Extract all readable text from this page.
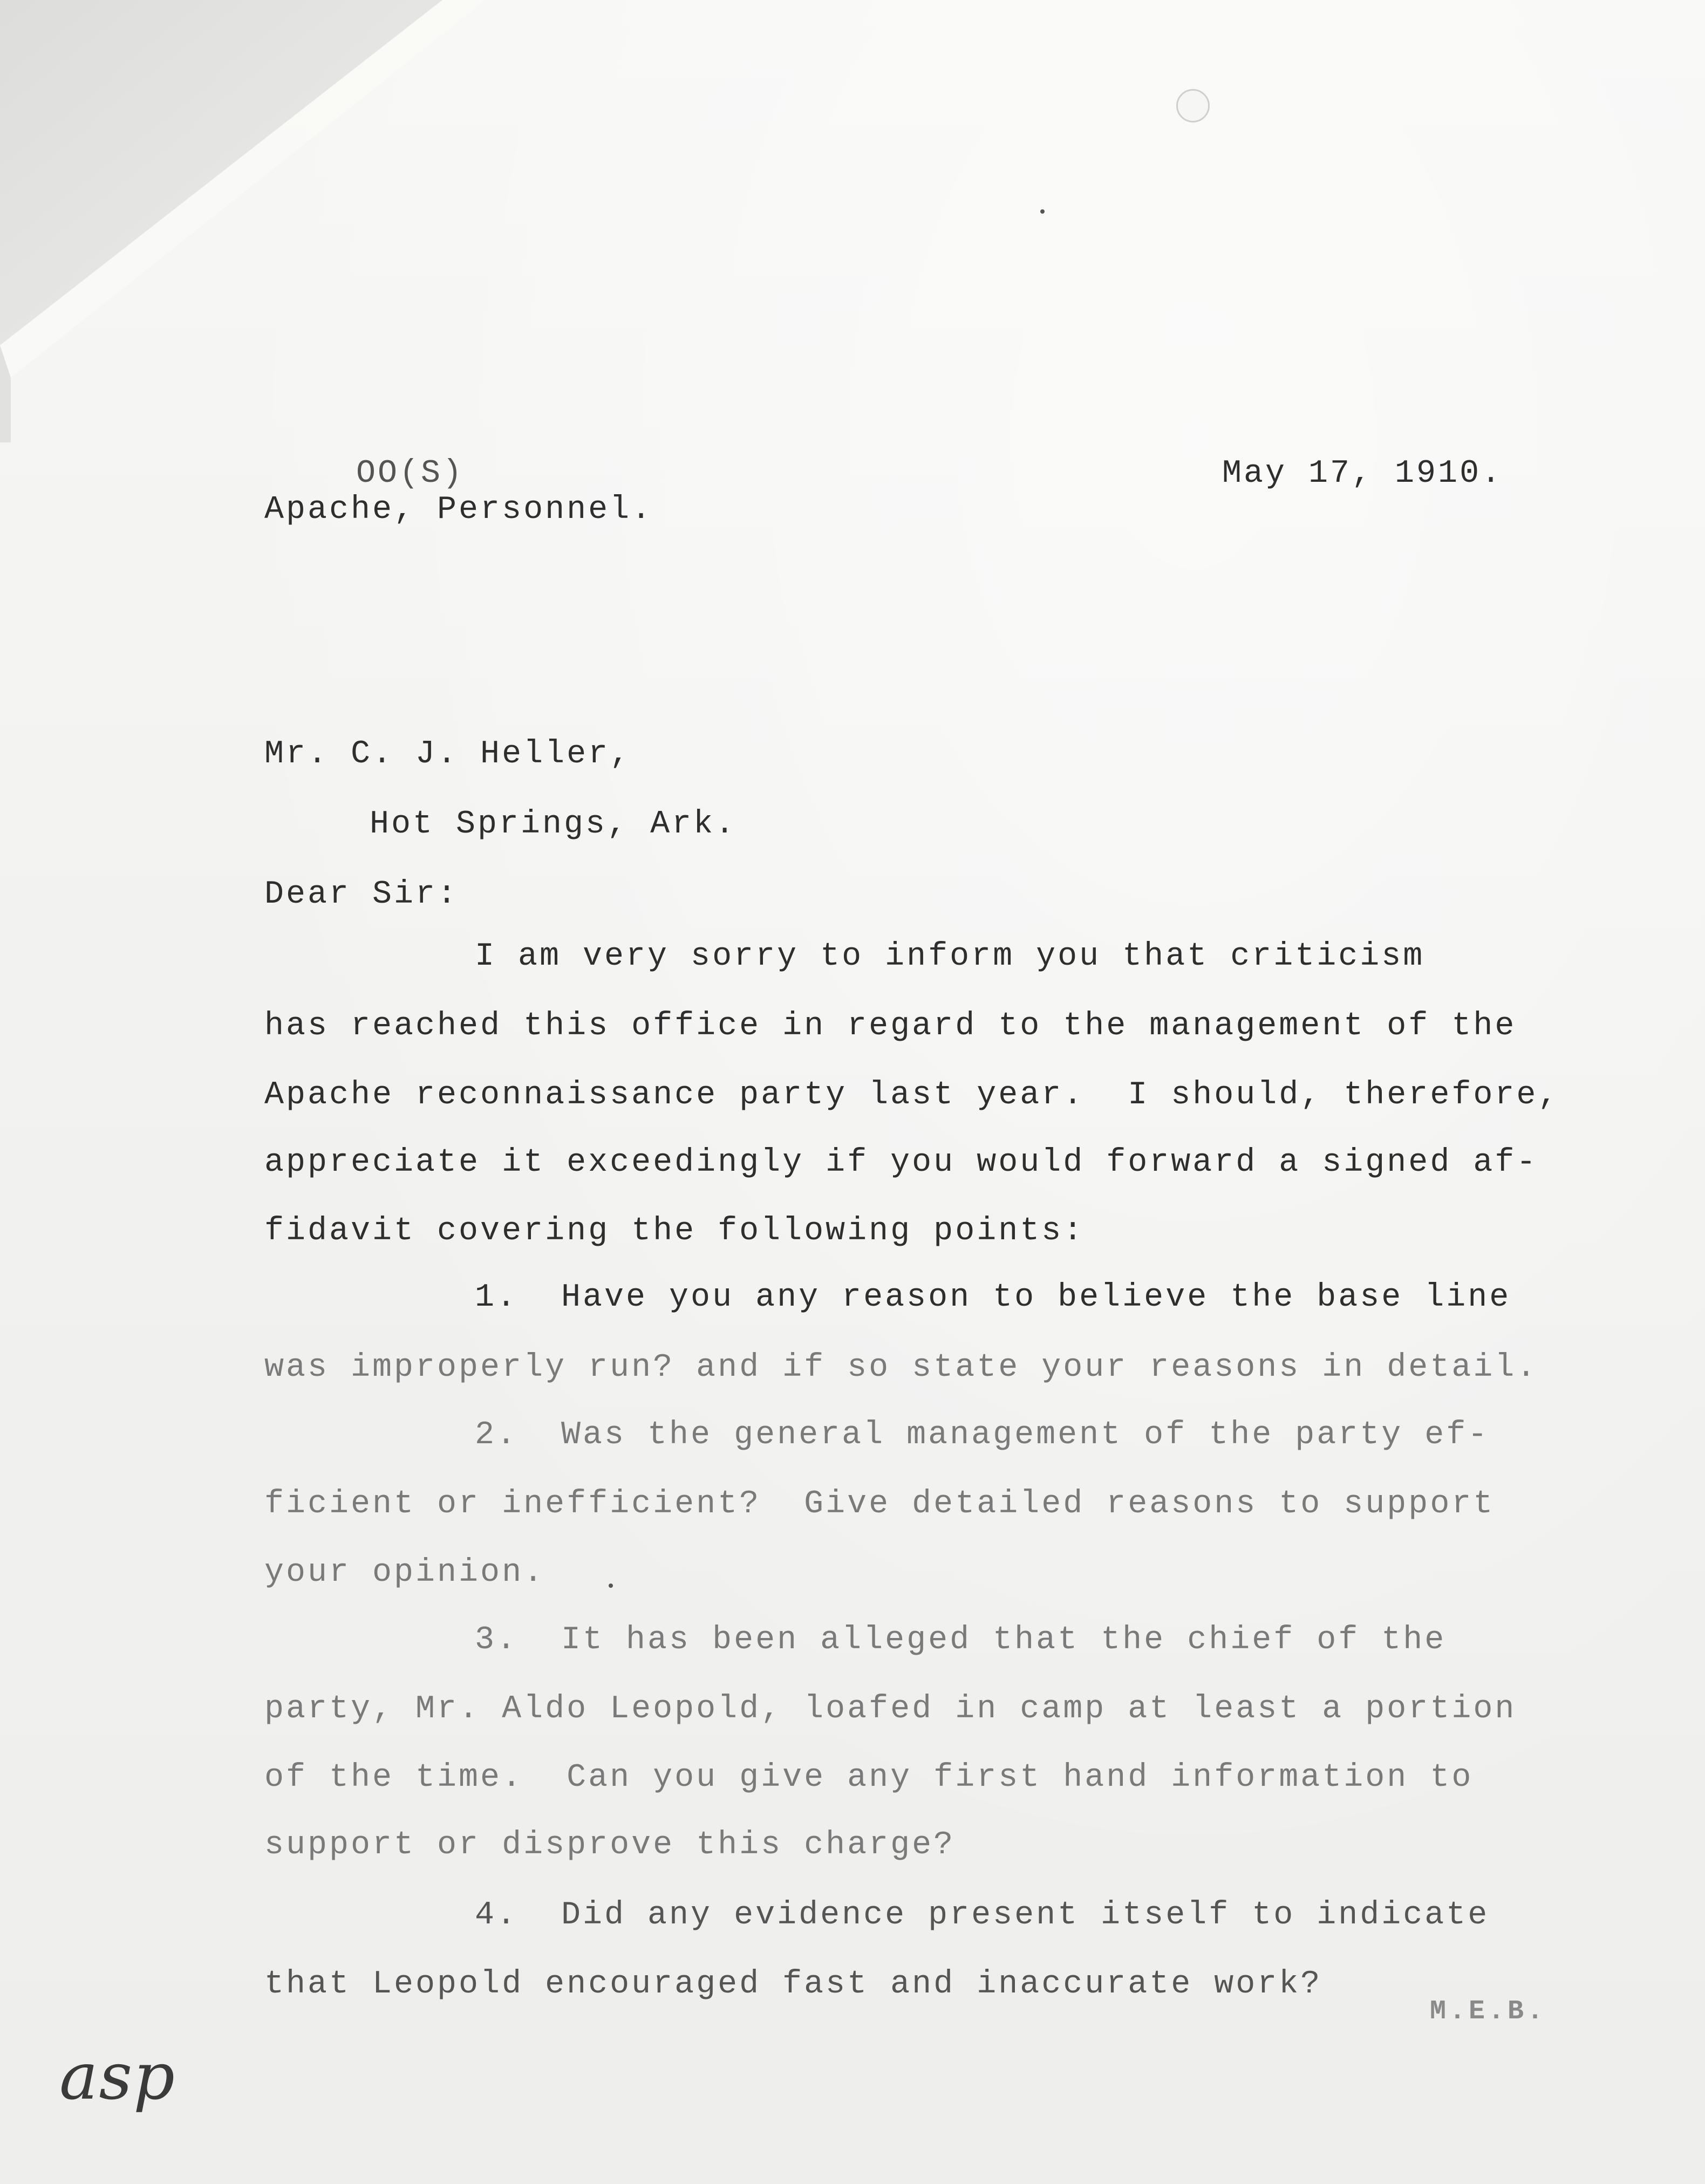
OO(S)
Apache, Personnel.
May 17, 1910.
Mr. C. J. Heller,
Hot Springs, Ark.
Dear Sir:
I am very sorry to inform you that criticism
has reached this office in regard to the management of the
Apache reconnaissance party last year.  I should, therefore,
appreciate it exceedingly if you would forward a signed af-
fidavit covering the following points:
1.  Have you any reason to believe the base line
was improperly run? and if so state your reasons in detail.
2.  Was the general management of the party ef-
ficient or inefficient?  Give detailed reasons to support
your opinion.
3.  It has been alleged that the chief of the
party, Mr. Aldo Leopold, loafed in camp at least a portion
of the time.  Can you give any first hand information to
support or disprove this charge?
4.  Did any evidence present itself to indicate
that Leopold encouraged fast and inaccurate work?
M.E.B.
asp
